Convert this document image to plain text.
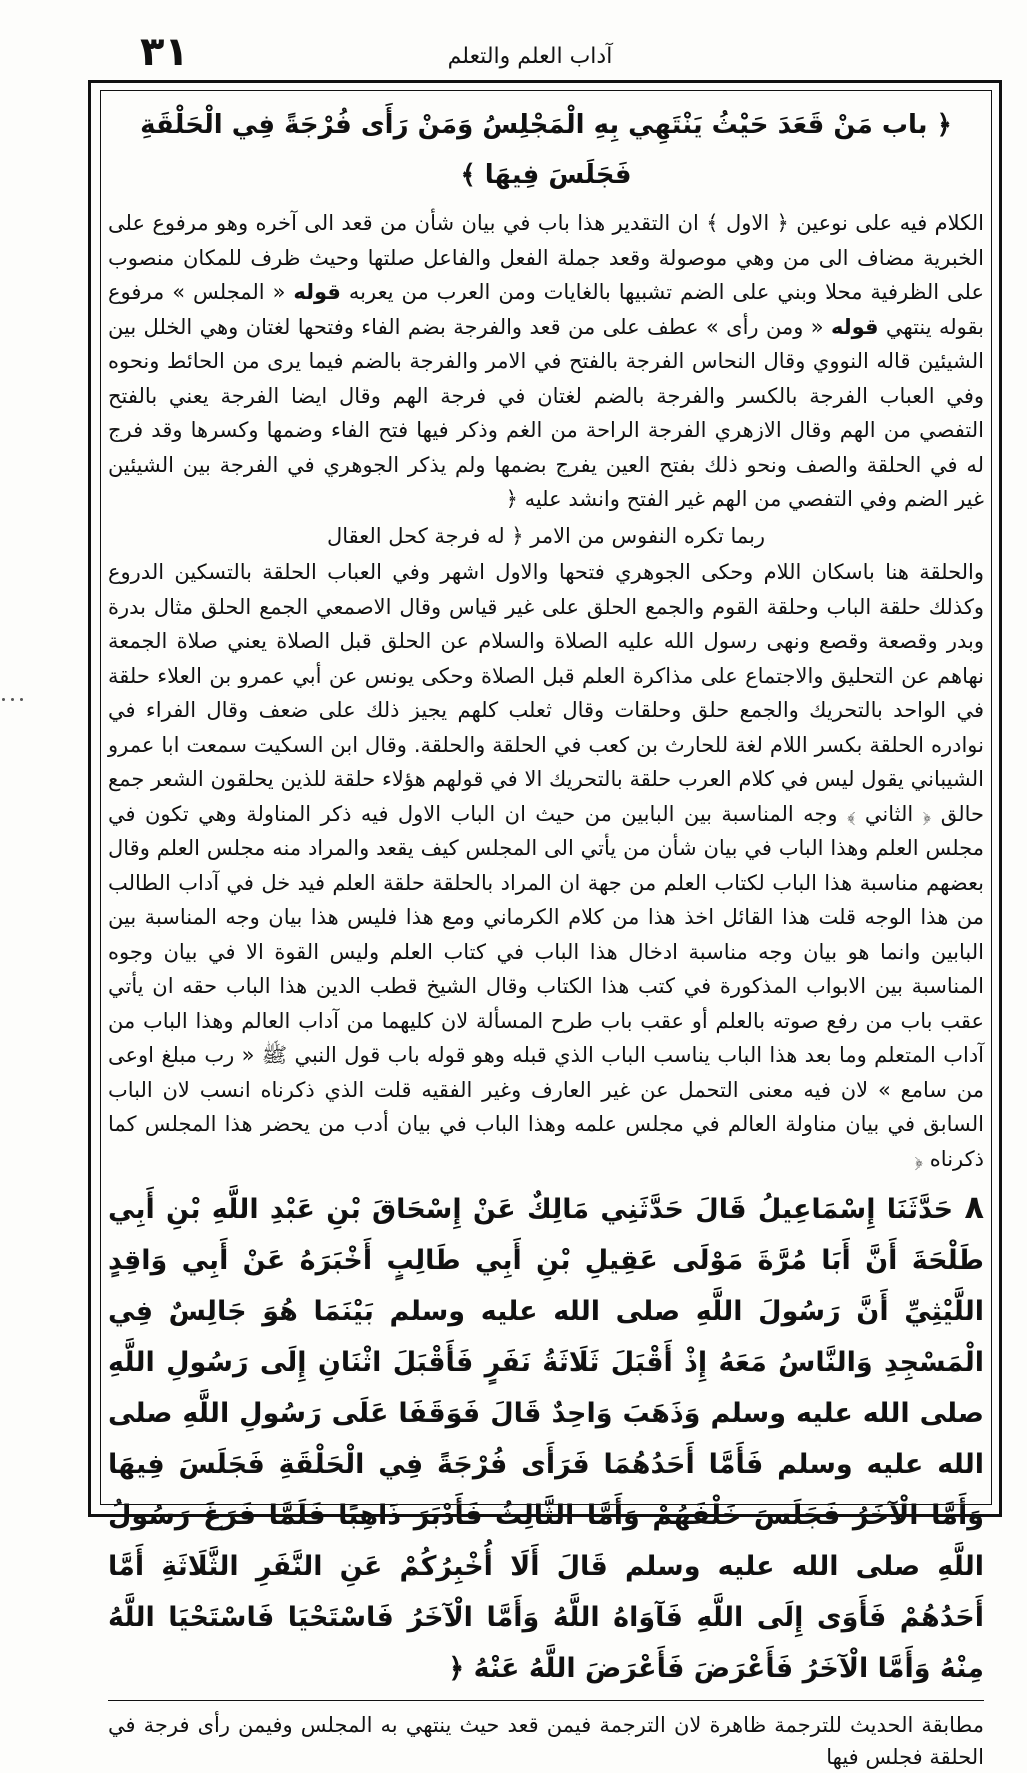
٣١	آداب العلم والتعلم
﴿ باب مَنْ قَعَدَ حَيْثُ يَنْتَهِي بِهِ الْمَجْلِسُ وَمَنْ رَأَى فُرْجَةً فِي الْحَلْقَةِ فَجَلَسَ فِيهَا ﴾

الكلام فيه على نوعين ﴿ الاول ﴾ ان التقدير هذا باب في بيان شأن من قعد الى آخره وهو مرفوع على الخبرية مضاف الى من وهي موصولة وقعد جملة الفعل والفاعل صلتها وحيث ظرف للمكان منصوب على الظرفية محلا وبني على الضم تشبيها بالغايات ومن العرب من يعربه قوله « المجلس » مرفوع بقوله ينتهي قوله « ومن رأى » عطف على من قعد والفرجة بضم الفاء وفتحها لغتان وهي الخلل بين الشيئين قاله النووي وقال النحاس الفرجة بالفتح في الامر والفرجة بالضم فيما يرى من الحائط ونحوه وفي العباب الفرجة بالكسر والفرجة بالضم لغتان في فرجة الهم وقال ايضا الفرجة يعني بالفتح التفصي من الهم وقال الازهري الفرجة الراحة من الغم وذكر فيها فتح الفاء وضمها وكسرها وقد فرج له في الحلقة والصف ونحو ذلك بفتح العين يفرج بضمها ولم يذكر الجوهري في الفرجة بين الشيئين غير الضم وفي التفصي من الهم غير الفتح وانشد عليه ﴿

ربما تكره النفوس من الامر ﴿ له فرجة كحل العقال

والحلقة هنا باسكان اللام وحكى الجوهري فتحها والاول اشهر وفي العباب الحلقة بالتسكين الدروع وكذلك حلقة الباب وحلقة القوم والجمع الحلق على غير قياس وقال الاصمعي الجمع الحلق مثال بدرة وبدر وقصعة وقصع ونهى رسول الله عليه الصلاة والسلام عن الحلق قبل الصلاة يعني صلاة الجمعة نهاهم عن التحليق والاجتماع على مذاكرة العلم قبل الصلاة وحكى يونس عن أبي عمرو بن العلاء حلقة في الواحد بالتحريك والجمع حلق وحلقات وقال ثعلب كلهم يجيز ذلك على ضعف وقال الفراء في نوادره الحلقة بكسر اللام لغة للحارث بن كعب في الحلقة والحلقة. وقال ابن السكيت سمعت ابا عمرو الشيباني يقول ليس في كلام العرب حلقة بالتحريك الا في قولهم هؤلاء حلقة للذين يحلقون الشعر جمع حالق ﴿ الثاني ﴾ وجه المناسبة بين البابين من حيث ان الباب الاول فيه ذكر المناولة وهي تكون في مجلس العلم وهذا الباب في بيان شأن من يأتي الى المجلس كيف يقعد والمراد منه مجلس العلم وقال بعضهم مناسبة هذا الباب لكتاب العلم من جهة ان المراد بالحلقة حلقة العلم فيد خل في آداب الطالب من هذا الوجه قلت هذا القائل اخذ هذا من كلام الكرماني ومع هذا فليس هذا بيان وجه المناسبة بين البابين وانما هو بيان وجه مناسبة ادخال هذا الباب في كتاب العلم وليس القوة الا في بيان وجوه المناسبة بين الابواب المذكورة في كتب هذا الكتاب وقال الشيخ قطب الدين هذا الباب حقه ان يأتي عقب باب من رفع صوته بالعلم أو عقب باب طرح المسألة لان كليهما من آداب العالم وهذا الباب من آداب المتعلم وما بعد هذا الباب يناسب الباب الذي قبله وهو قوله باب قول النبي ﷺ « رب مبلغ اوعى من سامع » لان فيه معنى التحمل عن غير العارف وغير الفقيه قلت الذي ذكرناه انسب لان الباب السابق في بيان مناولة العالم في مجلس علمه وهذا الباب في بيان أدب من يحضر هذا المجلس كما ذكرناه ﴿

٨ حَدَّثَنَا إِسْمَاعِيلُ قَالَ حَدَّثَنِي مَالِكٌ عَنْ إِسْحَاقَ بْنِ عَبْدِ اللَّهِ بْنِ أَبِي طَلْحَةَ أَنَّ أَبَا مُرَّةَ مَوْلَى عَقِيلِ بْنِ أَبِي طَالِبٍ أَخْبَرَهُ عَنْ أَبِي وَاقِدٍ اللَّيْثِيِّ أَنَّ رَسُولَ اللَّهِ صلى الله عليه وسلم بَيْنَمَا هُوَ جَالِسٌ فِي الْمَسْجِدِ وَالنَّاسُ مَعَهُ إِذْ أَقْبَلَ ثَلَاثَةُ نَفَرٍ فَأَقْبَلَ اثْنَانِ إِلَى رَسُولِ اللَّهِ صلى الله عليه وسلم وَذَهَبَ وَاحِدٌ قَالَ فَوَقَفَا عَلَى رَسُولِ اللَّهِ صلى الله عليه وسلم فَأَمَّا أَحَدُهُمَا فَرَأَى فُرْجَةً فِي الْحَلْقَةِ فَجَلَسَ فِيهَا وَأَمَّا الْآخَرُ فَجَلَسَ خَلْفَهُمْ وَأَمَّا الثَّالِثُ فَأَدْبَرَ ذَاهِبًا فَلَمَّا فَرَغَ رَسُولُ اللَّهِ صلى الله عليه وسلم قَالَ أَلَا أُخْبِرُكُمْ عَنِ النَّفَرِ الثَّلَاثَةِ أَمَّا أَحَدُهُمْ فَأَوَى إِلَى اللَّهِ فَآوَاهُ اللَّهُ وَأَمَّا الْآخَرُ فَاسْتَحْيَا فَاسْتَحْيَا اللَّهُ مِنْهُ وَأَمَّا الْآخَرُ فَأَعْرَضَ فَأَعْرَضَ اللَّهُ عَنْهُ ﴿
مطابقة الحديث للترجمة ظاهرة لان الترجمة فيمن قعد حيث ينتهي به المجلس وفيمن رأى فرجة في الحلقة فجلس فيها
